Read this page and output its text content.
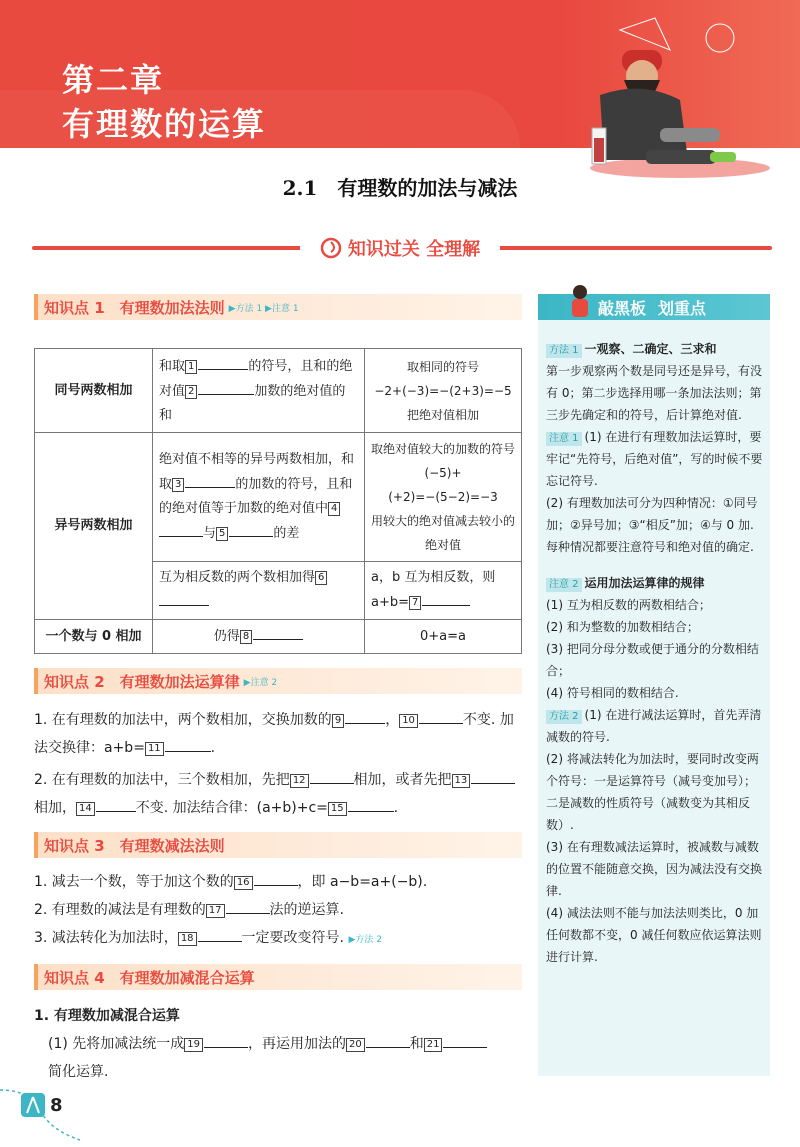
第二章
有理数的运算
2.1　有理数的加法与减法
知识过关 全理解
知识点 1　有理数加法法则 ▶方法 1 ▶注意 1
同号两数相加	和取 1 的符号，且和的绝对值 2 加数的绝对值的和	取相同的符号
−2+(−3)=−(2+3)=−5
把绝对值相加

异号两数相加	绝对值不相等的异号两数相加，和取 3 的加数的符号，且和的绝对值等于加数的绝对值中 4与 5 的差	取绝对值较大的加数的符号
(−5)+(+2)=−(5−2)=−3
用较大的绝对值减去较小的绝对值

	互为相反数的两个数相加得 6	a，b 互为相反数，则 a+b= 7
一个数与 0 相加	仍得 8	0+a=a
知识点 2　有理数加法运算律 ▶注意 2
1. 在有理数的加法中，两个数相加，交换加数的 9	， 10	不变. 加法交换律：a+b= 11	.
2. 在有理数的加法中，三个数相加，先把 12	相加，或者先把 13相加， 14	不变. 加法结合律：(a+b)+c= 15	.
知识点 3　有理数减法法则
1. 减去一个数，等于加这个数的 16	，即 a−b=a+(−b).
2. 有理数的减法是有理数的 17	法的逆运算.
3. 减法转化为加法时， 18	一定要改变符号. ▶方法 2
知识点 4　有理数加减混合运算
1. 有理数加减混合运算
(1) 先将加减法统一成 19	，再运用加法的 20	和 21
简化运算.
敲黑板 划重点
方法 1 一观察、二确定、三求和
第一步观察两个数是同号还是异号，有没有 0；第二步选择用哪一条加法法则；第三步先确定和的符号，后计算绝对值.
注意 1 (1) 在进行有理数加法运算时，要牢记“先符号，后绝对值”，写的时候不要忘记符号.
(2) 有理数加法可分为四种情况：①同号加；②异号加；③“相反”加；④与 0 加. 每种情况都要注意符号和绝对值的确定.
注意 2 运用加法运算律的规律
(1) 互为相反数的两数相结合；
(2) 和为整数的加数相结合；
(3) 把同分母分数或便于通分的分数相结合；
(4) 符号相同的数相结合.
方法 2 (1) 在进行减法运算时，首先弄清减数的符号.
(2) 将减法转化为加法时，要同时改变两个符号：一是运算符号（减号变加号）；二是减数的性质符号（减数变为其相反数）.
(3) 在有理数减法运算时，被减数与减数的位置不能随意交换，因为减法没有交换律.
(4) 减法法则不能与加法法则类比，0 加任何数都不变，0 减任何数应依运算法则进行计算.
8
